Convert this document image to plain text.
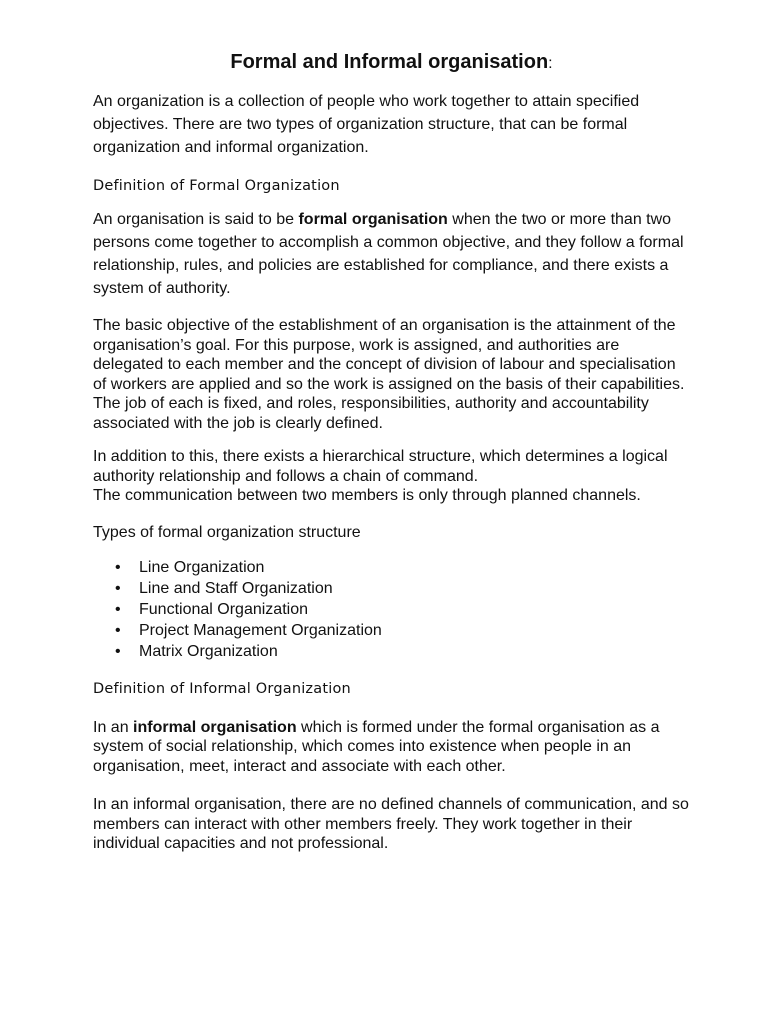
Formal and Informal organisation:

An organization is a collection of people who work together to attain specified objectives. There are two types of organization structure, that can be formal organization and informal organization.

Definition of Formal Organization

An organisation is said to be formal organisation when the two or more than two persons come together to accomplish a common objective, and they follow a formal relationship, rules, and policies are established for compliance, and there exists a system of authority.

The basic objective of the establishment of an organisation is the attainment of the organisation’s goal. For this purpose, work is assigned, and authorities are delegated to each member and the concept of division of labour and specialisation of workers are applied and so the work is assigned on the basis of their capabilities. The job of each is fixed, and roles, responsibilities, authority and accountability associated with the job is clearly defined.

In addition to this, there exists a hierarchical structure, which determines a logical authority relationship and follows a chain of command.
The communication between two members is only through planned channels.

Types of formal organization structure

• Line Organization
• Line and Staff Organization
• Functional Organization
• Project Management Organization
• Matrix Organization

Definition of Informal Organization

In an informal organisation which is formed under the formal organisation as a system of social relationship, which comes into existence when people in an organisation, meet, interact and associate with each other.

In an informal organisation, there are no defined channels of communication, and so members can interact with other members freely. They work together in their individual capacities and not professional.
